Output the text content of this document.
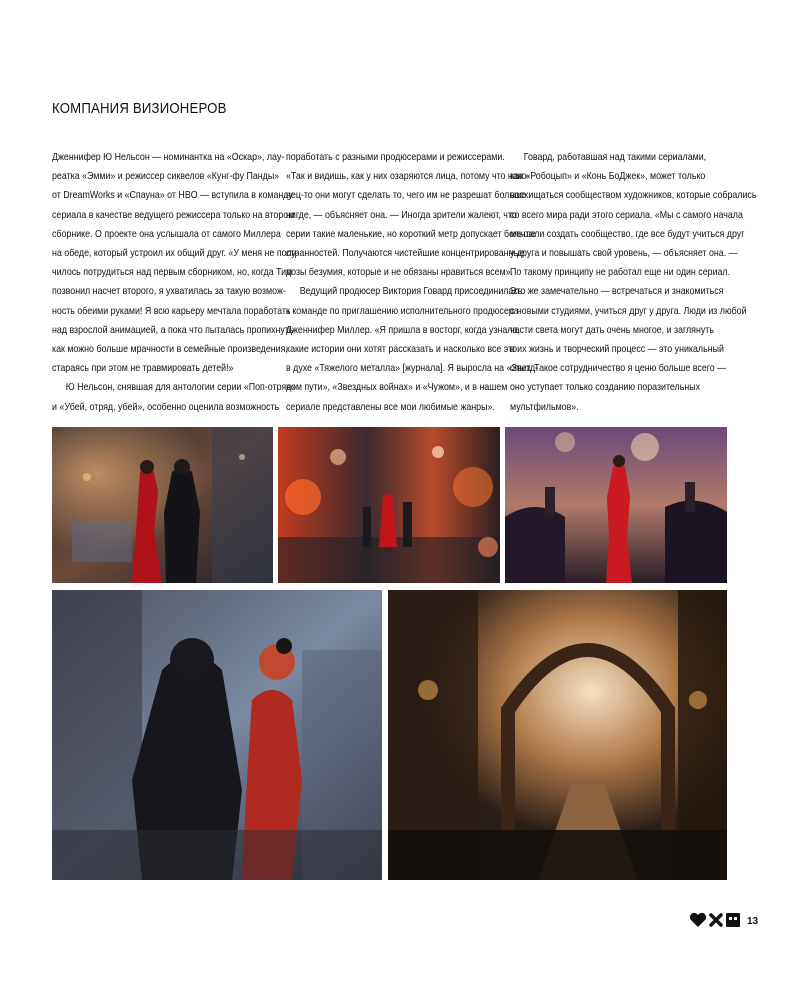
КОМПАНИЯ ВИЗИОНЕРОВ

Дженнифер Ю Нельсон — номинантка на «Оскар», лау-
реатка «Эмми» и режиссер сиквелов «Кунг-фу Панды»
от DreamWorks и «Спауна» от HBO — вступила в команду
сериала в качестве ведущего режиссера только на втором
сборнике. О проекте она услышала от самого Миллера
на обеде, который устроил их общий друг. «У меня не полу-
чилось потрудиться над первым сборником, но, когда Тим
позвонил насчет второго, я ухватилась за такую возмож-
ность обеими руками! Я всю карьеру мечтала поработать
над взрослой анимацией, а пока что пыталась пропихнуть
как можно больше мрачности в семейные произведения,
стараясь при этом не травмировать детей!»
Ю Нельсон, снявшая для антологии серии «Поп-отряд»
и «Убей, отряд, убей», особенно оценила возможность

поработать с разными продюсерами и режиссерами.
«Так и видишь, как у них озаряются лица, потому что нако-
нец-то они могут сделать то, чего им не разрешат больше
нигде, — объясняет она. — Иногда зрители жалеют, что
серии такие маленькие, но короткий метр допускает больше
странностей. Получаются чистейшие концентрированные
дозы безумия, которые и не обязаны нравиться всем».
Ведущий продюсер Виктория Говард присоединилась
к команде по приглашению исполнительного продюсера
Дженнифер Миллер. «Я пришла в восторг, когда узнала,
какие истории они хотят рассказать и насколько все это
в духе «Тяжелого металла» [журнала]. Я выросла на «Звезд-
ном пути», «Звездных войнах» и «Чужом», и в нашем
сериале представлены все мои любимые жанры».

Говард, работавшая над такими сериалами,
как «Робоцып» и «Конь БоДжек», может только
восхищаться сообществом художников, которые собрались
со всего мира ради этого сериала. «Мы с самого начала
мечтали создать сообщество, где все будут учиться друг
у друга и повышать свой уровень, — объясняет она. —
По такому принципу не работал еще ни один сериал.
Это же замечательно — встречаться и знакомиться
с новыми студиями, учиться друг у друга. Люди из любой
части света могут дать очень многое, и заглянуть
в их жизнь и творческий процесс — это уникальный
опыт. Такое сотрудничество я ценю больше всего —
оно уступает только созданию поразительных
мультфильмов».

13
